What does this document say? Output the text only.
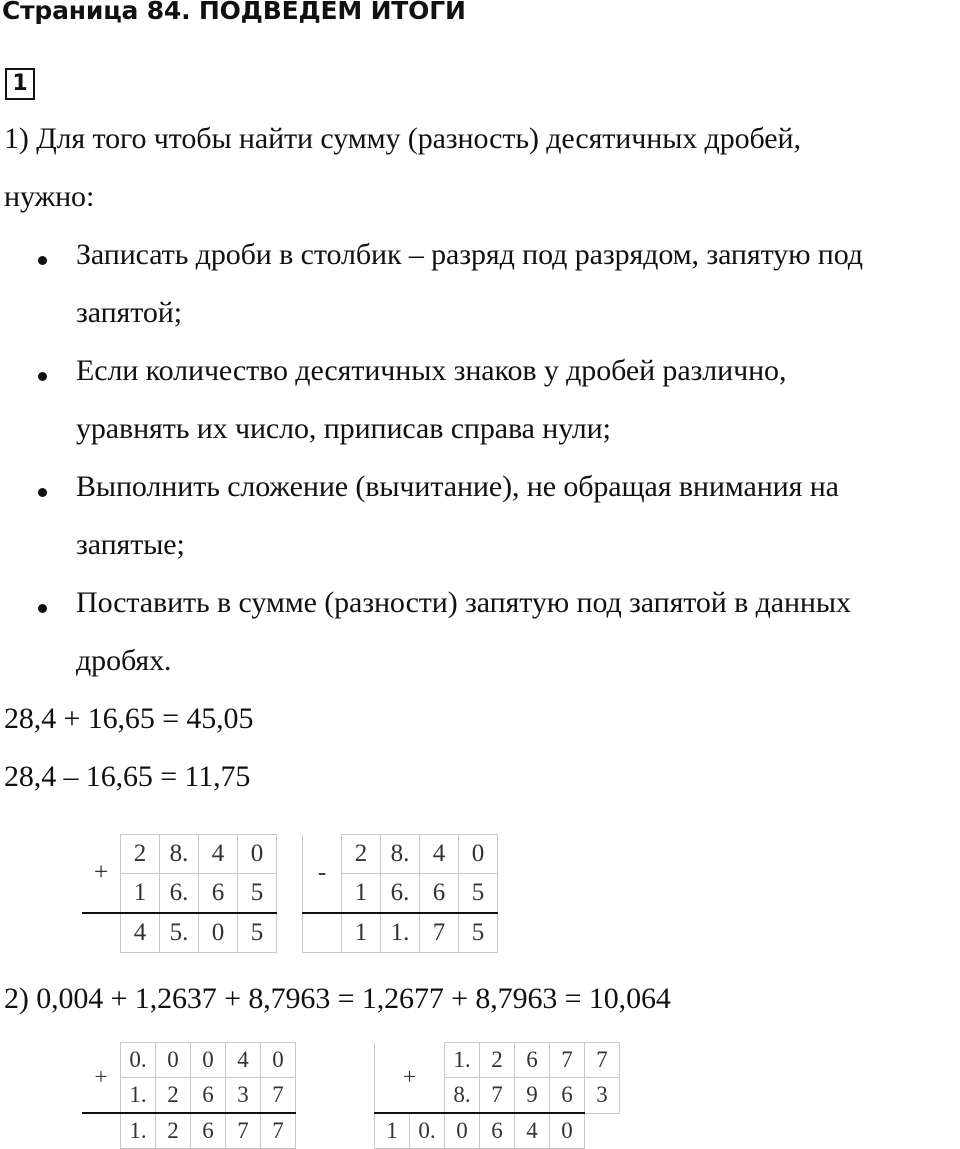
Страница 84. ПОДВЕДЕМ ИТОГИ
1
1) Для того чтобы найти сумму (разность) десятичных дробей,
нужно:
Записать дроби в столбик – разряд под разрядом, запятую под
запятой;
Если количество десятичных знаков у дробей различно,
уравнять их число, приписав справа нули;
Выполнить сложение (вычитание), не обращая внимания на
запятые;
Поставить в сумме (разности) запятую под запятой в данных
дробях.
28,4 + 16,65 = 45,05
28,4 – 16,65 = 11,75
+	2	8.	4	0
	1	6.	6	5
	4	5.	0	5
-	2	8.	4	0
	1	6.	6	5
	1	1.	7	5
2) 0,004 + 1,2637 + 8,7963 = 1,2677 + 8,7963 = 10,064
+	0.	0	0	4	0
	1.	2	6	3	7
	1.	2	6	7	7
+		1.	2	6	7	7
		8.	7	9	6	3
1	0.	0	6	4	0	
